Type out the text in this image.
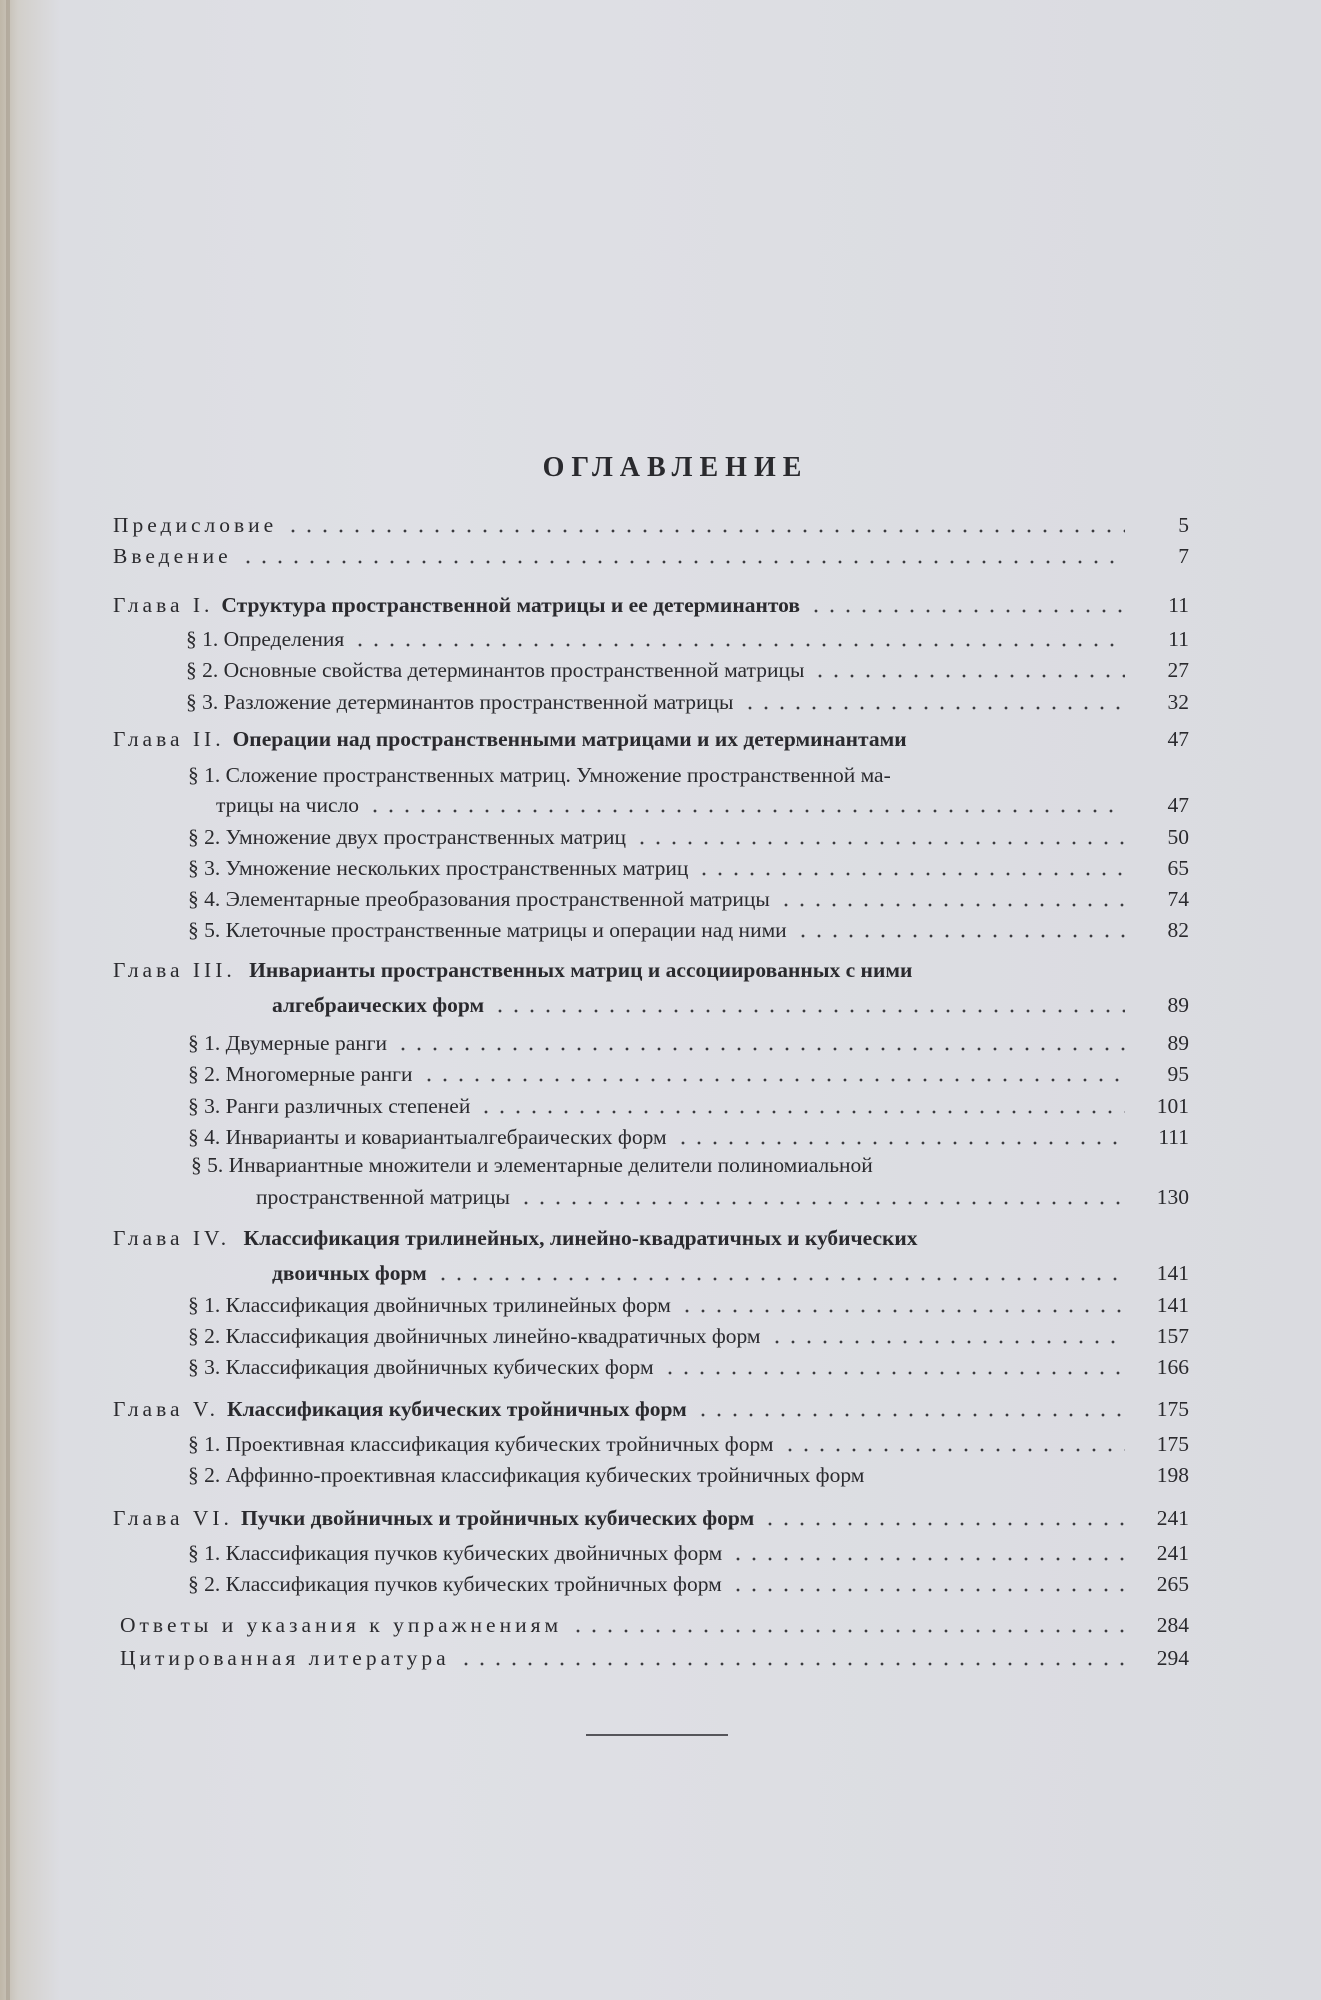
ОГЛАВЛЕНИЕ
Предисловие	5
Введение	7
Глава I. Структура пространственной матрицы и ее детерминантов	11
§ 1. Определения	11
§ 2. Основные свойства детерминантов пространственной матрицы	27
§ 3. Разложение детерминантов пространственной матрицы	32
Глава II. Операции над пространственными матрицами и их детерминантами	47
§ 1. Сложение пространственных матриц. Умножение пространственной ма-
трицы на число	47
§ 2. Умножение двух пространственных матриц	50
§ 3. Умножение нескольких пространственных матриц	65
§ 4. Элементарные преобразования пространственной матрицы	74
§ 5. Клеточные пространственные матрицы и операции над ними	82
Глава III. Инварианты пространственных матриц и ассоциированных с ними
алгебраических форм	89
§ 1. Двумерные ранги	89
§ 2. Многомерные ранги	95
§ 3. Ранги различных степеней	101
§ 4. Инварианты и ковариантыалгебраических форм	111
§ 5. Инвариантные множители и элементарные делители полиномиальной
пространственной матрицы	130
Глава IV. Классификация трилинейных, линейно-квадратичных и кубических
двоичных форм	141
§ 1. Классификация двойничных трилинейных форм	141
§ 2. Классификация двойничных линейно-квадратичных форм	157
§ 3. Классификация двойничных кубических форм	166
Глава V. Классификация кубических тройничных форм	175
§ 1. Проективная классификация кубических тройничных форм	175
§ 2. Аффинно-проективная классификация кубических тройничных форм	198
Глава VI. Пучки двойничных и тройничных кубических форм	241
§ 1. Классификация пучков кубических двойничных форм	241
§ 2. Классификация пучков кубических тройничных форм	265
Ответы и указания к упражнениям	284
Цитированная литература	294
